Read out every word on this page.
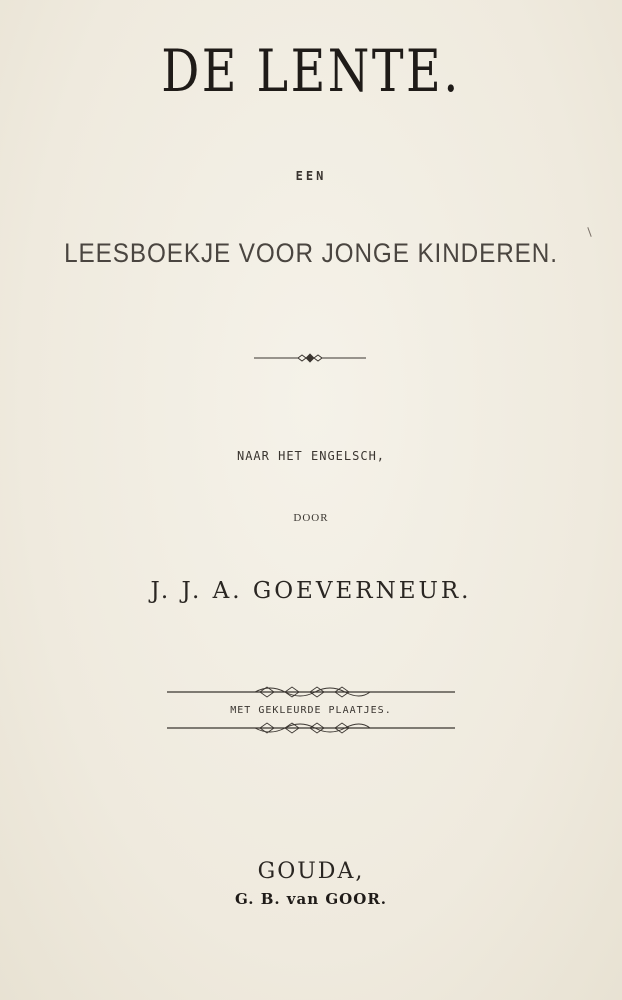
DE LENTE.
EEN
LEESBOEKJE VOOR JONGE KINDEREN.
NAAR HET ENGELSCH,
DOOR
J. J. A. GOEVERNEUR.
MET GEKLEURDE PLAATJES.
GOUDA,
G. B. van GOOR.
